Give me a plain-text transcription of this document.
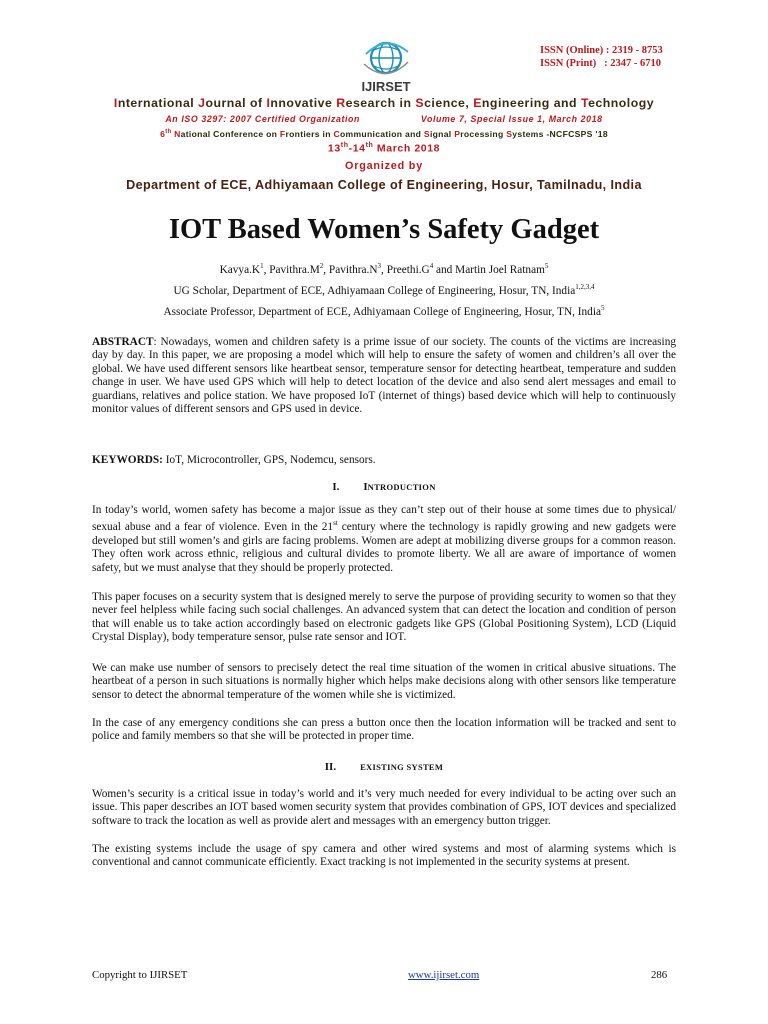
IJIRSET
ISSN (Online) : 2319 - 8753
ISSN (Print)   : 2347 - 6710
International Journal of Innovative Research in Science, Engineering and Technology
An ISO 3297: 2007 Certified Organization                    Volume 7, Special Issue 1, March 2018
6th National Conference on Frontiers in Communication and Signal Processing Systems -NCFCSPS '18
13th-14th March 2018
Organized by
Department of ECE, Adhiyamaan College of Engineering, Hosur, Tamilnadu, India
IOT Based Women’s Safety Gadget
$Kavya.K^1$, $Pavithra.M^2$, $Pavithra.N^3$, $Preethi.G^4$ and Martin Joel Ratnam$^5$
UG Scholar, Department of ECE, Adhiyamaan College of Engineering, Hosur, TN, India$^{1,2,3,4}$
Associate Professor, Department of ECE, Adhiyamaan College of Engineering, Hosur, TN, India$^5$
ABSTRACT: Nowadays, women and children safety is a prime issue of our society. The counts of the victims are increasing day by day. In this paper, we are proposing a model which will help to ensure the safety of women and children’s all over the global. We have used different sensors like heartbeat sensor, temperature sensor for detecting heartbeat, temperature and sudden change in user. We have used GPS which will help to detect location of the device and also send alert messages and email to guardians, relatives and police station. We have proposed IoT (internet of things) based device which will help to continuously monitor values of different sensors and GPS used in device.
KEYWORDS: IoT, Microcontroller, GPS, Nodemcu, sensors.
I. INTRODUCTION
In today’s world, women safety has become a major issue as they can’t step out of their house at some times due to physical/ sexual abuse and a fear of violence. Even in the 21st century where the technology is rapidly growing and new gadgets were developed but still women’s and girls are facing problems. Women are adept at mobilizing diverse groups for a common reason. They often work across ethnic, religious and cultural divides to promote liberty. We all are aware of importance of women safety, but we must analyse that they should be properly protected.
This paper focuses on a security system that is designed merely to serve the purpose of providing security to women so that they never feel helpless while facing such social challenges. An advanced system that can detect the location and condition of person that will enable us to take action accordingly based on electronic gadgets like GPS (Global Positioning System), LCD (Liquid Crystal Display), body temperature sensor, pulse rate sensor and IOT.
We can make use number of sensors to precisely detect the real time situation of the women in critical abusive situations. The heartbeat of a person in such situations is normally higher which helps make decisions along with other sensors like temperature sensor to detect the abnormal temperature of the women while she is victimized.
In the case of any emergency conditions she can press a button once then the location information will be tracked and sent to police and family members so that she will be protected in proper time.
II.	EXISTING SYSTEM
Women’s security is a critical issue in today’s world and it’s very much needed for every individual to be acting over such an issue. This paper describes an IOT based women security system that provides combination of GPS, IOT devices and specialized software to track the location as well as provide alert and messages with an emergency button trigger.
The existing systems include the usage of spy camera and other wired systems and most of alarming systems which is conventional and cannot communicate efficiently. Exact tracking is not implemented in the security systems at present.
Copyright to IJIRSET	www.ijirset.com	286
